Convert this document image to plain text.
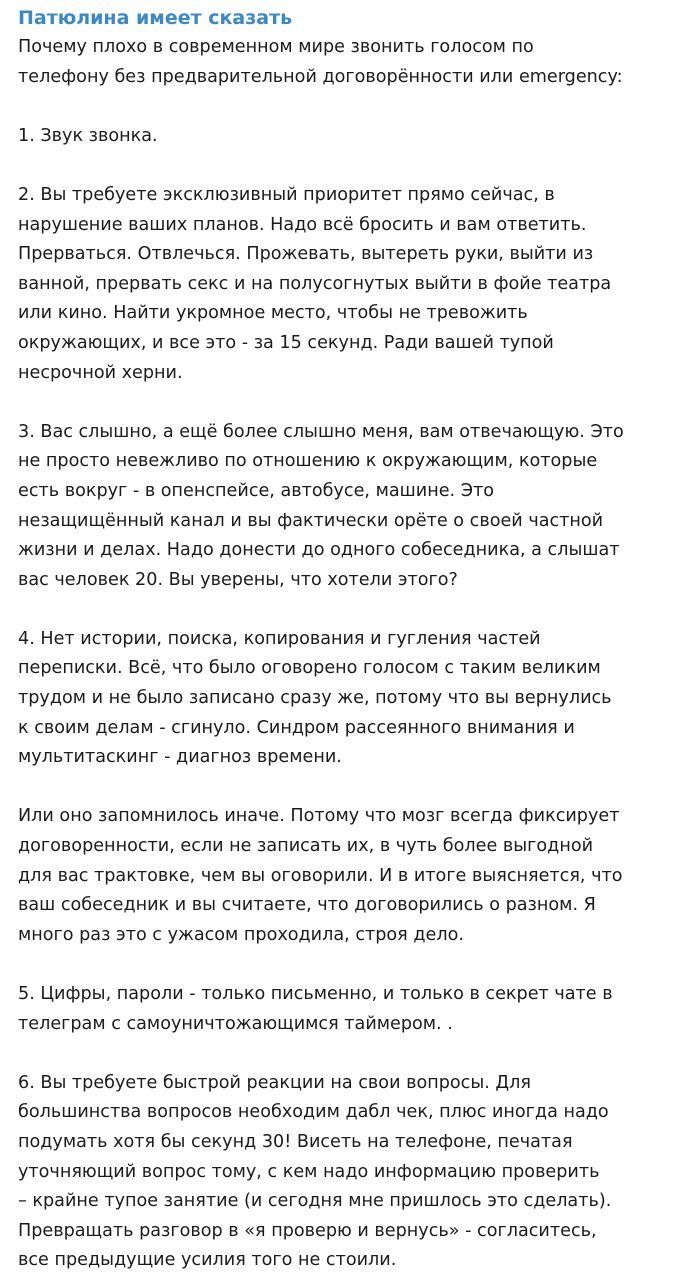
Патюлина имеет сказать
Почему плохо в современном мире звонить голосом по
телефону без предварительной договорённости или emergency:
1. Звук звонка.
2. Вы требуете эксклюзивный приоритет прямо сейчас, в
нарушение ваших планов. Надо всё бросить и вам ответить.
Прерваться. Отвлечься. Прожевать, вытереть руки, выйти из
ванной, прервать секс и на полусогнутых выйти в фойе театра
или кино. Найти укромное место, чтобы не тревожить
окружающих, и все это - за 15 секунд. Ради вашей тупой
несрочной херни.
3. Вас слышно, а ещё более слышно меня, вам отвечающую. Это
не просто невежливо по отношению к окружающим, которые
есть вокруг - в опенспейсе, автобусе, машине. Это
незащищённый канал и вы фактически орёте о своей частной
жизни и делах. Надо донести до одного собеседника, а слышат
вас человек 20. Вы уверены, что хотели этого?
4. Нет истории, поиска, копирования и гугления частей
переписки. Всё, что было оговорено голосом с таким великим
трудом и не было записано сразу же, потому что вы вернулись
к своим делам - сгинуло. Синдром рассеянного внимания и
мультитаскинг - диагноз времени.
Или оно запомнилось иначе. Потому что мозг всегда фиксирует
договоренности, если не записать их, в чуть более выгодной
для вас трактовке, чем вы оговорили. И в итоге выясняется, что
ваш собеседник и вы считаете, что договорились о разном. Я
много раз это с ужасом проходила, строя дело.
5. Цифры, пароли - только письменно, и только в секрет чате в
телеграм с самоуничтожающимся таймером. .
6. Вы требуете быстрой реакции на свои вопросы. Для
большинства вопросов необходим дабл чек, плюс иногда надо
подумать хотя бы секунд 30! Висеть на телефоне, печатая
уточняющий вопрос тому, с кем надо информацию проверить
– крайне тупое занятие (и сегодня мне пришлось это сделать).
Превращать разговор в «я проверю и вернусь» - согласитесь,
все предыдущие усилия того не стоили.
